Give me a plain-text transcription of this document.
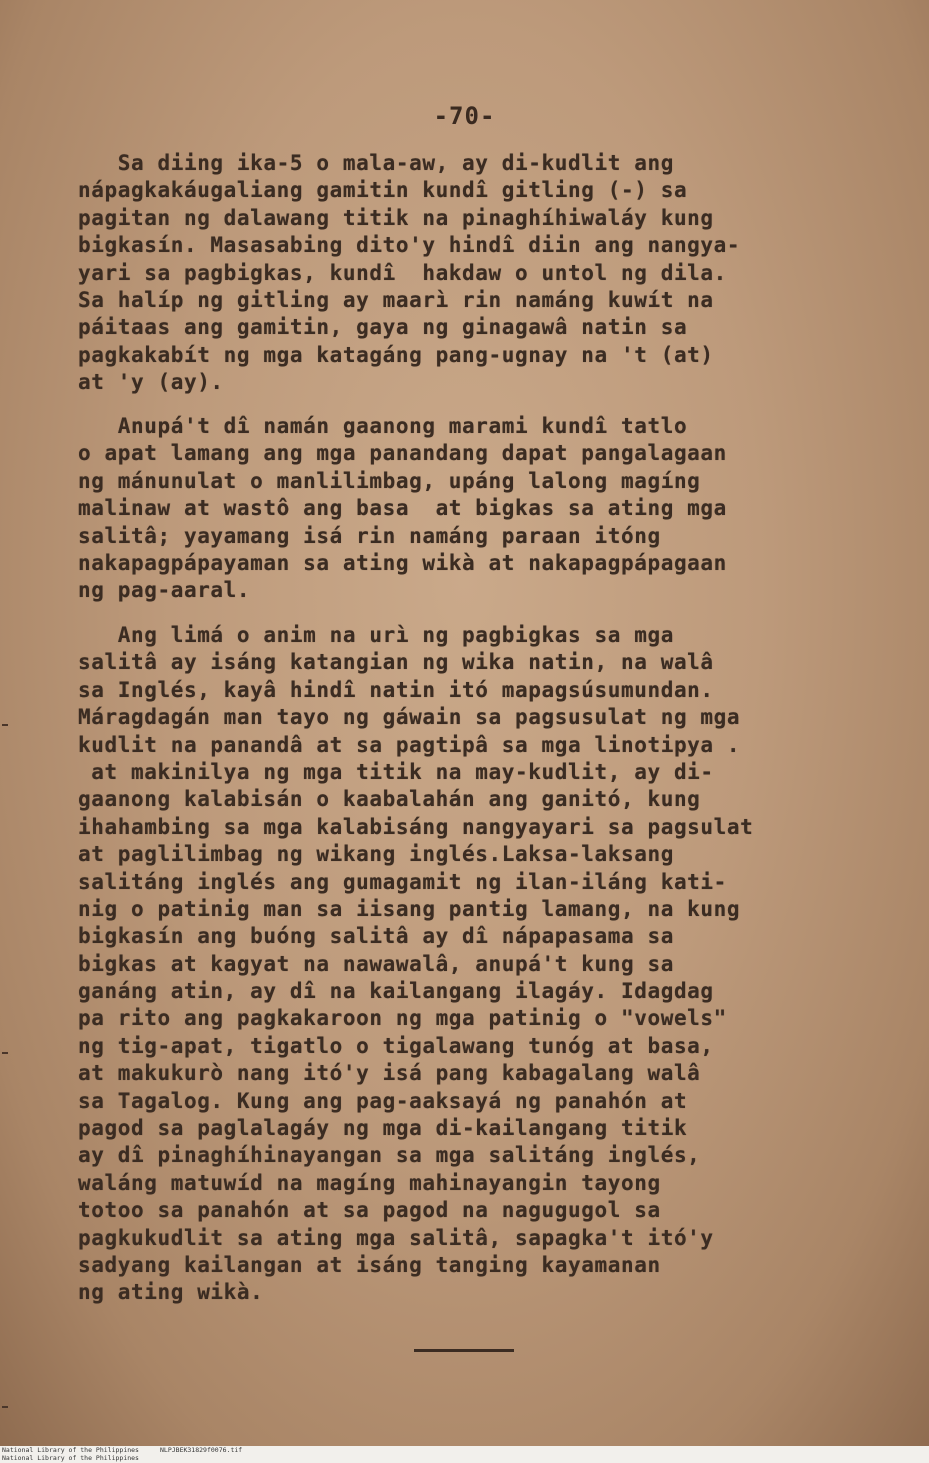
-70-
Sa diing ika-5 o mala-aw, ay di-kudlit ang
nápagkakáugaliang gamitin kundî gitling (-) sa
pagitan ng dalawang titik na pinaghíhiwaláy kung
bigkasín. Masasabing dito'y hindî diin ang nangya-
yari sa pagbigkas, kundî  hakdaw o untol ng dila.
Sa halíp ng gitling ay maarì rin namáng kuwít na
páitaas ang gamitin, gaya ng ginagawâ natin sa
pagkakabít ng mga katagáng pang-ugnay na 't (at)
at 'y (ay).
Anupá't dî namán gaanong marami kundî tatlo
o apat lamang ang mga panandang dapat pangalagaan
ng mánunulat o manlilimbag, upáng lalong magíng
malinaw at wastô ang basa  at bigkas sa ating mga
salitâ; yayamang isá rin namáng paraan itóng
nakapagpápayaman sa ating wikà at nakapagpápagaan
ng pag-aaral.
Ang limá o anim na urì ng pagbigkas sa mga
salitâ ay isáng katangian ng wika natin, na walâ
sa Inglés, kayâ hindî natin itó mapagsúsumundan.
Máragdagán man tayo ng gáwain sa pagsusulat ng mga
kudlit na panandâ at sa pagtipâ sa mga linotipya .
at makinilya ng mga titik na may-kudlit, ay di-
gaanong kalabisán o kaabalahán ang ganitó, kung
ihahambing sa mga kalabisáng nangyayari sa pagsulat
at paglilimbag ng wikang inglés.Laksa-laksang
salitáng inglés ang gumagamit ng ilan-iláng kati-
nig o patinig man sa iisang pantig lamang, na kung
bigkasín ang buóng salitâ ay dî nápapasama sa
bigkas at kagyat na nawawalâ, anupá't kung sa
ganáng atin, ay dî na kailangang ilagáy. Idagdag
pa rito ang pagkakaroon ng mga patinig o "vowels"
ng tig-apat, tigatlo o tigalawang tunóg at basa,
at makukurò nang itó'y isá pang kabagalang walâ
sa Tagalog. Kung ang pag-aaksayá ng panahón at
pagod sa paglalagáy ng mga di-kailangang titik
ay dî pinaghíhinayangan sa mga salitáng inglés,
waláng matuwíd na magíng mahinayangin tayong
totoo sa panahón at sa pagod na nagugugol sa
pagkukudlit sa ating mga salitâ, sapagka't itó'y
sadyang kailangan at isáng tanging kayamanan
ng ating wikà.
National Library of the Philippines	NLPJBEK31829f0076.tif
National Library of the Philippines
